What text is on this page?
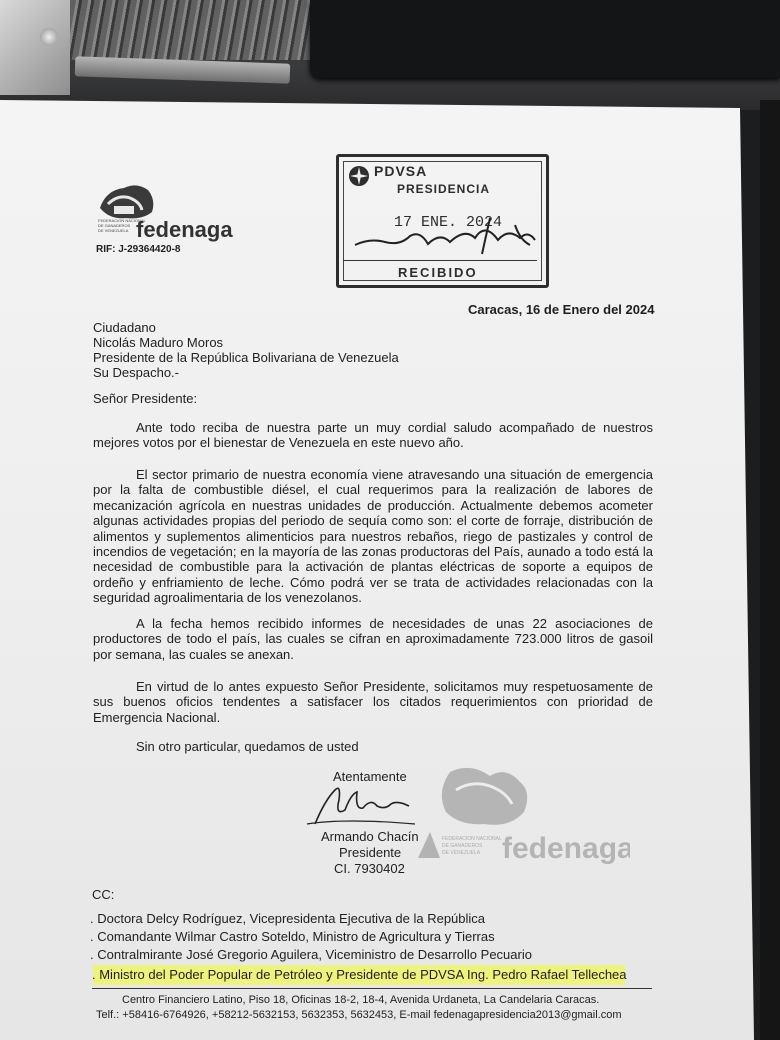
FEDERACION NACIONAL
DE GANADEROS
DE VENEZUELA fedenaga
RIF: J-29364420-8
PDVSA
PRESIDENCIA
17 ENE. 2024
RECIBIDO
Caracas, 16 de Enero del 2024
Ciudadano
Nicolás Maduro Moros
Presidente de la República Bolivariana de Venezuela
Su Despacho.-
Señor Presidente:
Ante todo reciba de nuestra parte un muy cordial saludo acompañado de nuestros mejores votos por el bienestar de Venezuela en este nuevo año.
El sector primario de nuestra economía viene atravesando una situación de emergencia por la falta de combustible diésel, el cual requerimos para la realización de labores de mecanización agrícola en nuestras unidades de producción. Actualmente debemos acometer algunas actividades propias del periodo de sequía como son: el corte de forraje, distribución de alimentos y suplementos alimenticios para nuestros rebaños, riego de pastizales y control de incendios de vegetación; en la mayoría de las zonas productoras del País, aunado a todo está la necesidad de combustible para la activación de plantas eléctricas de soporte a equipos de ordeño y enfriamiento de leche. Cómo podrá ver se trata de actividades relacionadas con la seguridad agroalimentaria de los venezolanos.
A la fecha hemos recibido informes de necesidades de unas 22 asociaciones de productores de todo el país, las cuales se cifran en aproximadamente 723.000 litros de gasoil por semana, las cuales se anexan.
En virtud de lo antes expuesto Señor Presidente, solicitamos muy respetuosamente de sus buenos oficios tendentes a satisfacer los citados requerimientos con prioridad de Emergencia Nacional.
Sin otro particular, quedamos de usted
Atentamente
Armando Chacín
Presidente
CI. 7930402
FEDERACION NACIONAL
DE GANADEROS
DE VENEZUELA fedenaga
CC:
. Doctora Delcy Rodríguez, Vicepresidenta Ejecutiva de la República
. Comandante Wilmar Castro Soteldo, Ministro de Agricultura y Tierras
. Contralmirante José Gregorio Aguilera, Viceministro de Desarrollo Pecuario
. Ministro del Poder Popular de Petróleo y Presidente de PDVSA Ing. Pedro Rafael Tellechea
Centro Financiero Latino, Piso 18, Oficinas 18-2, 18-4, Avenida Urdaneta, La Candelaria Caracas.
Telf.: +58416-6764926, +58212-5632153, 5632353, 5632453, E-mail fedenagapresidencia2013@gmail.com
